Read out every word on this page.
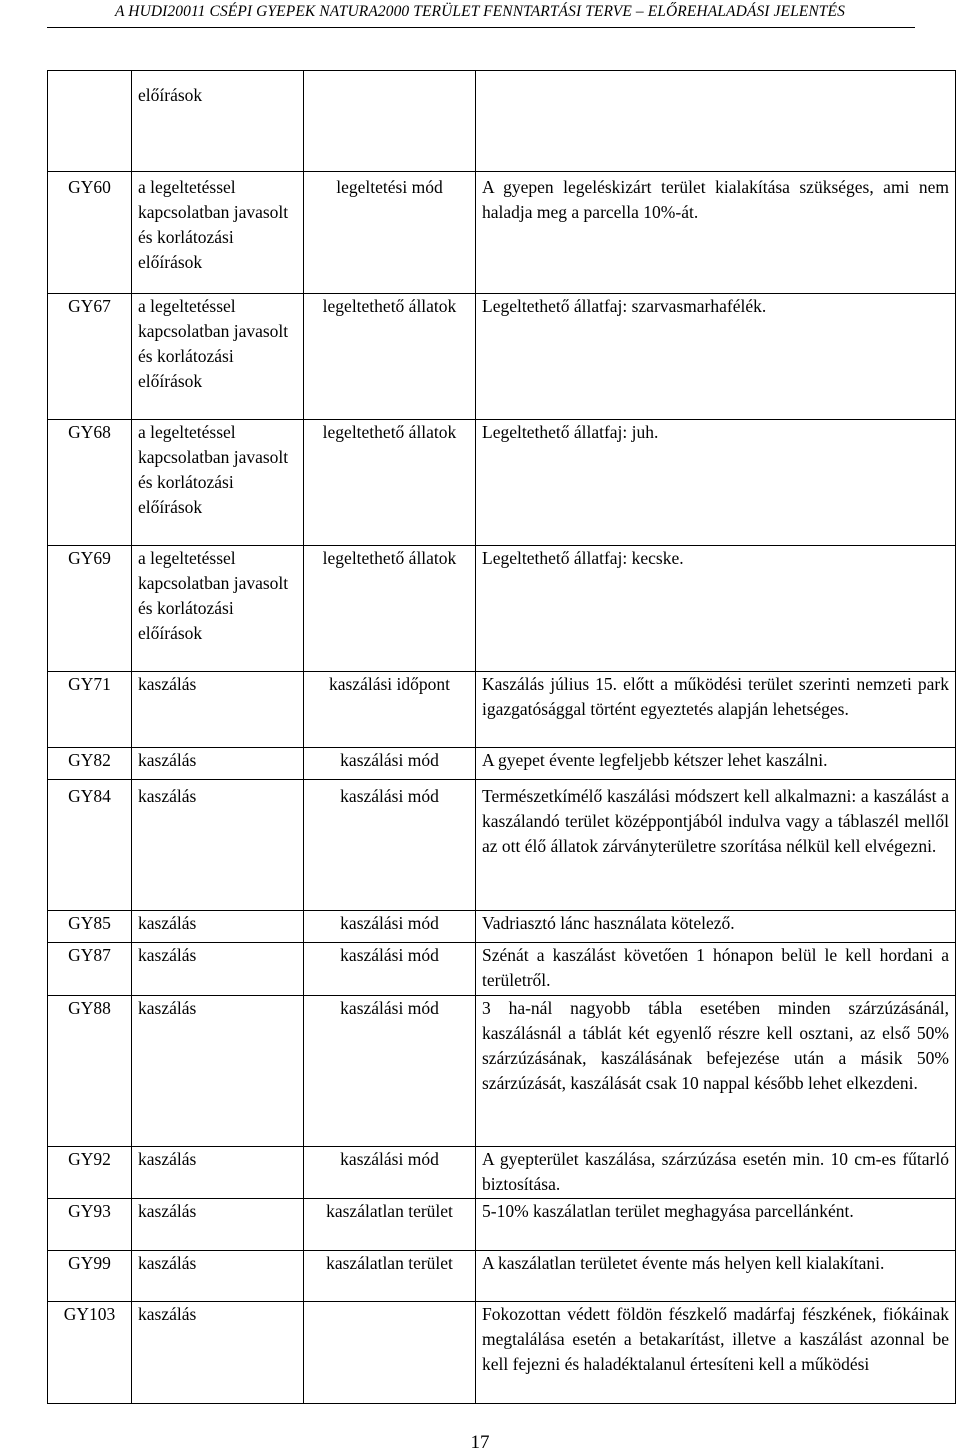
A HUDI20011 CSÉPI GYEPEK NATURA2000 TERÜLET FENNTARTÁSI TERVE – ELŐREHALADÁSI JELENTÉS
	előírások		
GY60	a legeltetéssel kapcsolatban javasolt és korlátozási előírások	legeltetési mód	A gyepen legeléskizárt terület kialakítása szükséges, ami nem haladja meg a parcella 10%-át.
GY67	a legeltetéssel kapcsolatban javasolt és korlátozási előírások	legeltethető állatok	Legeltethető állatfaj: szarvasmarhafélék.
GY68	a legeltetéssel kapcsolatban javasolt és korlátozási előírások	legeltethető állatok	Legeltethető állatfaj: juh.
GY69	a legeltetéssel kapcsolatban javasolt és korlátozási előírások	legeltethető állatok	Legeltethető állatfaj: kecske.
GY71	kaszálás	kaszálási időpont	Kaszálás július 15. előtt a működési terület szerinti nemzeti park igazgatósággal történt egyeztetés alapján lehetséges.
GY82	kaszálás	kaszálási mód	A gyepet évente legfeljebb kétszer lehet kaszálni.
GY84	kaszálás	kaszálási mód	Természetkímélő kaszálási módszert kell alkalmazni: a kaszálást a kaszálandó terület középpontjából indulva vagy a táblaszél mellől az ott élő állatok zárványterületre szorítása nélkül kell elvégezni.
GY85	kaszálás	kaszálási mód	Vadriasztó lánc használata kötelező.
GY87	kaszálás	kaszálási mód	Szénát a kaszálást követően 1 hónapon belül le kell hordani a területről.
GY88	kaszálás	kaszálási mód	3 ha-nál nagyobb tábla esetében minden szárzúzásánál, kaszálásnál a táblát két egyenlő részre kell osztani, az első 50% szárzúzásának, kaszálásának befejezése után a másik 50% szárzúzását, kaszálását csak 10 nappal később lehet elkezdeni.
GY92	kaszálás	kaszálási mód	A gyepterület kaszálása, szárzúzása esetén min. 10 cm-es fűtarló biztosítása.
GY93	kaszálás	kaszálatlan terület	5-10% kaszálatlan terület meghagyása parcellánként.
GY99	kaszálás	kaszálatlan terület	A kaszálatlan területet évente más helyen kell kialakítani.
GY103	kaszálás		Fokozottan védett földön fészkelő madárfaj fészkének, fiókáinak megtalálása esetén a betakarítást, illetve a kaszálást azonnal be kell fejezni és haladéktalanul értesíteni kell a működési
17
